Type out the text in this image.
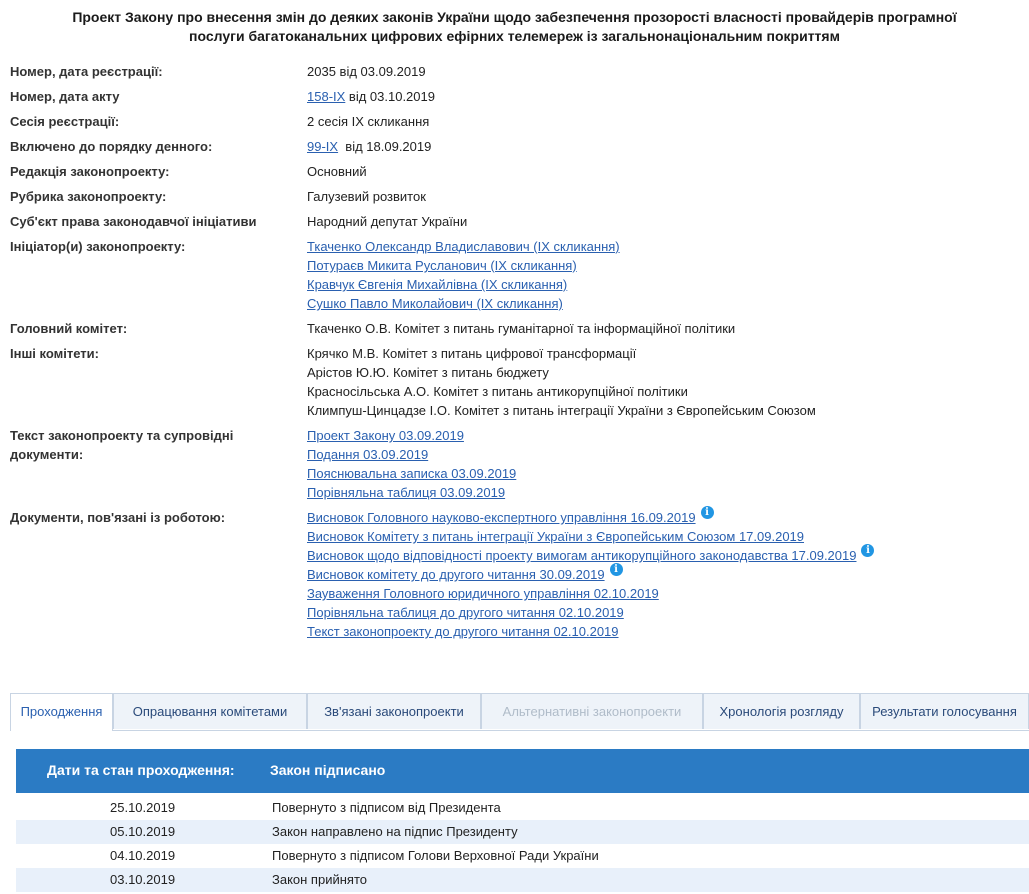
Проект Закону про внесення змін до деяких законів України щодо забезпечення прозорості власності провайдерів програмної
послуги багатоканальних цифрових ефірних телемереж із загальнонаціональним покриттям
Номер, дата реєстрації:	2035 від 03.09.2019
Номер, дата акту	158-IX від 03.10.2019
Сесія реєстрації:	2 сесія IX скликання
Включено до порядку денного:	99-IX  від 18.09.2019
Редакція законопроекту:	Основний
Рубрика законопроекту:	Галузевий розвиток
Суб'єкт права законодавчої ініціативи	Народний депутат України
Ініціатор(и) законопроекту:	Ткаченко Олександр Владиславович (IX скликання)
Потураєв Микита Русланович (IX скликання)
Кравчук Євгенія Михайлівна (IX скликання)
Сушко Павло Миколайович (IX скликання)
Головний комітет:	Ткаченко О.В. Комітет з питань гуманітарної та інформаційної політики
Інші комітети:	Крячко М.В. Комітет з питань цифрової трансформації
Арістов Ю.Ю. Комітет з питань бюджету
Красносільська А.О. Комітет з питань антикорупційної політики
Климпуш-Цинцадзе І.О. Комітет з питань інтеграції України з Європейським Союзом
Текст законопроекту та супровідні документи:
Проект Закону 03.09.2019
Подання 03.09.2019
Пояснювальна записка 03.09.2019
Порівняльна таблиця 03.09.2019
Документи, пов'язані із роботою:	Висновок Головного науково-експертного управління 16.09.2019 i
Висновок Комітету з питань інтеграції України з Європейським Союзом 17.09.2019
Висновок щодо відповідності проекту вимогам антикорупційного законодавства 17.09.2019 i
Висновок комітету до другого читання 30.09.2019 i
Зауваження Головного юридичного управління 02.10.2019
Порівняльна таблиця до другого читання 02.10.2019
Текст законопроекту до другого читання 02.10.2019
Проходження	Опрацювання комітетами	Зв'язані законопроекти	Альтернативні законопроекти	Хронологія розгляду	Результати голосування
Дати та стан проходження:	Закон підписано
25.10.2019	Повернуто з підписом від Президента
05.10.2019	Закон направлено на підпис Президенту
04.10.2019	Повернуто з підписом Голови Верховної Ради України
03.10.2019	Закон прийнято
